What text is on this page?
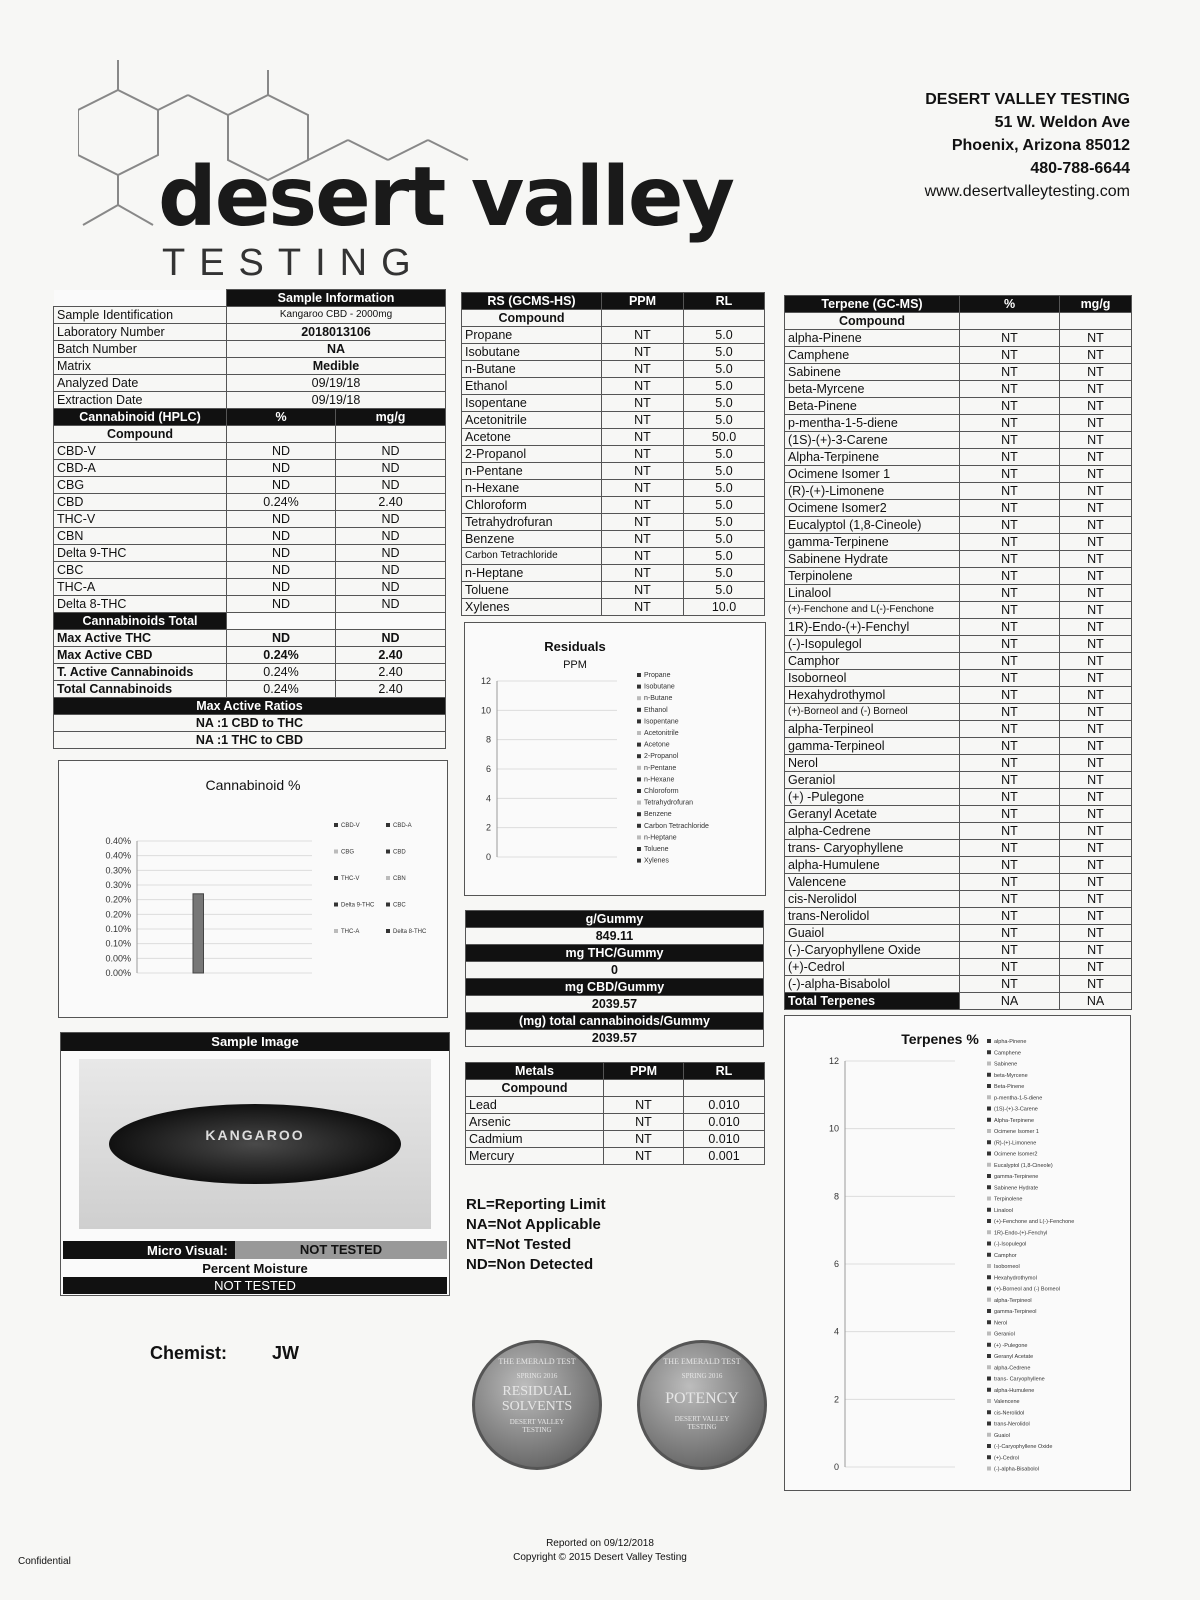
desert valley
TESTING
DESERT VALLEY TESTING
51 W. Weldon Ave
Phoenix, Arizona 85012
480-788-6644
www.desertvalleytesting.com
	Sample Information	
Sample Identification	Kangaroo CBD - 2000mg	
Laboratory Number	2018013106	
Batch Number	NA	
Matrix	Medible	
Analyzed Date	09/19/18	
Extraction Date	09/19/18	
Cannabinoid (HPLC)	%	mg/g
Compound		
CBD-V	ND	ND
CBD-A	ND	ND
CBG	ND	ND
CBD	0.24%	2.40
THC-V	ND	ND
CBN	ND	ND
Delta 9-THC	ND	ND
CBC	ND	ND
THC-A	ND	ND
Delta 8-THC	ND	ND
Cannabinoids Total		
Max Active THC	ND	ND
Max Active CBD	0.24%	2.40
T. Active Cannabinoids	0.24%	2.40
Total Cannabinoids	0.24%	2.40
Max Active Ratios		
NA :1 CBD to THC		
NA :1 THC to CBD		
Cannabinoid %
0.40%
0.40%
0.30%
0.30%
0.20%
0.20%
0.10%
0.10%
0.00%
0.00%
CBD-V	CBD-A
CBG	CBD
THC-V	CBN
Delta 9-THC	CBC
THC-A	Delta 8-THC
Sample Image
KANGAROO
Micro Visual:	NOT TESTED
Percent Moisture
NOT TESTED
Chemist: JW
RS (GCMS-HS)	PPM	RL
Compound		
Propane	NT	5.0
Isobutane	NT	5.0
n-Butane	NT	5.0
Ethanol	NT	5.0
Isopentane	NT	5.0
Acetonitrile	NT	5.0
Acetone	NT	50.0
2-Propanol	NT	5.0
n-Pentane	NT	5.0
n-Hexane	NT	5.0
Chloroform	NT	5.0
Tetrahydrofuran	NT	5.0
Benzene	NT	5.0
Carbon Tetrachloride	NT	5.0
n-Heptane	NT	5.0
Toluene	NT	5.0
Xylenes	NT	10.0
Residuals
PPM
12
10
8
6
4
2
0
Propane
Isobutane
n-Butane
Ethanol
Isopentane
Acetonitrile
Acetone
2-Propanol
n-Pentane
n-Hexane
Chloroform
Tetrahydrofuran
Benzene
Carbon Tetrachloride
n-Heptane
Toluene
Xylenes
g/Gummy
849.11
mg THC/Gummy
0
mg CBD/Gummy
2039.57
(mg) total cannabinoids/Gummy
2039.57
Metals	PPM	RL
Compound		
Lead	NT	0.010
Arsenic	NT	0.010
Cadmium	NT	0.010
Mercury	NT	0.001
RL=Reporting Limit
NA=Not Applicable
NT=Not Tested
ND=Non Detected
THE EMERALD TEST
SPRING 2016
RESIDUAL SOLVENTS
DESERT VALLEY TESTING
THE EMERALD TEST
SPRING 2016
POTENCY
DESERT VALLEY TESTING
Terpene (GC-MS)	%	mg/g
Compound		
alpha-Pinene	NT	NT
Camphene	NT	NT
Sabinene	NT	NT
beta-Myrcene	NT	NT
Beta-Pinene	NT	NT
p-mentha-1-5-diene	NT	NT
(1S)-(+)-3-Carene	NT	NT
Alpha-Terpinene	NT	NT
Ocimene Isomer 1	NT	NT
(R)-(+)-Limonene	NT	NT
Ocimene Isomer2	NT	NT
Eucalyptol (1,8-Cineole)	NT	NT
gamma-Terpinene	NT	NT
Sabinene Hydrate	NT	NT
Terpinolene	NT	NT
Linalool	NT	NT
(+)-Fenchone and L(-)-Fenchone	NT	NT
1R)-Endo-(+)-Fenchyl	NT	NT
(-)-Isopulegol	NT	NT
Camphor	NT	NT
Isoborneol	NT	NT
Hexahydrothymol	NT	NT
(+)-Borneol and (-) Borneol	NT	NT
alpha-Terpineol	NT	NT
gamma-Terpineol	NT	NT
Nerol	NT	NT
Geraniol	NT	NT
(+) -Pulegone	NT	NT
Geranyl Acetate	NT	NT
alpha-Cedrene	NT	NT
trans- Caryophyllene	NT	NT
alpha-Humulene	NT	NT
Valencene	NT	NT
cis-Nerolidol	NT	NT
trans-Nerolidol	NT	NT
Guaiol	NT	NT
(-)-Caryophyllene Oxide	NT	NT
(+)-Cedrol	NT	NT
(-)-alpha-Bisabolol	NT	NT
Total Terpenes	NA	NA
Terpenes %
12
10
8
6
4
2
0
alpha-Pinene
Camphene
Sabinene
beta-Myrcene
Beta-Pinene
p-mentha-1-5-diene
(1S)-(+)-3-Carene
Alpha-Terpinene
Ocimene Isomer 1
(R)-(+)-Limonene
Ocimene Isomer2
Eucalyptol (1,8-Cineole)
gamma-Terpinene
Sabinene Hydrate
Terpinolene
Linalool
(+)-Fenchone and L(-)-Fenchone
1R)-Endo-(+)-Fenchyl
(-)-Isopulegol
Camphor
Isoborneol
Hexahydrothymol
(+)-Borneol and (-) Borneol
alpha-Terpineol
gamma-Terpineol
Nerol
Geraniol
(+) -Pulegone
Geranyl Acetate
alpha-Cedrene
trans- Caryophyllene
alpha-Humulene
Valencene
cis-Nerolidol
trans-Nerolidol
Guaiol
(-)-Caryophyllene Oxide
(+)-Cedrol
(-)-alpha-Bisabolol
Reported on 09/12/2018
Copyright © 2015 Desert Valley Testing
Confidential
